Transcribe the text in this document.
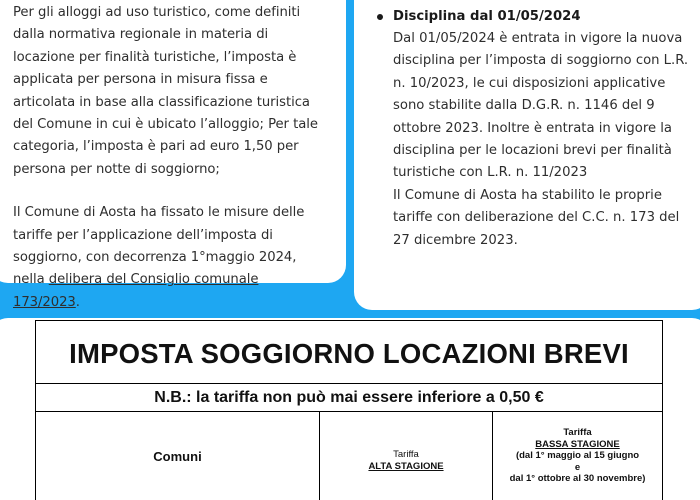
Per gli alloggi ad uso turistico, come definiti dalla normativa regionale in materia di locazione per finalità turistiche, l’imposta è applicata per persona in misura fissa e articolata in base alla classificazione turistica del Comune in cui è ubicato l’alloggio; Per tale categoria, l’imposta è pari ad euro 1,50 per persona per notte di soggiorno;

Il Comune di Aosta ha fissato le misure delle tariffe per l’applicazione dell’imposta di soggiorno, con decorrenza 1°maggio 2024, nella delibera del Consiglio comunale 173/2023.

Disciplina dal 01/05/2024

Dal 01/05/2024 è entrata in vigore la nuova disciplina per l’imposta di soggiorno con L.R. n. 10/2023, le cui disposizioni applicative sono stabilite dalla D.G.R. n. 1146 del 9 ottobre 2023. Inoltre è entrata in vigore la disciplina per le locazioni brevi per finalità turistiche con L.R. n. 11/2023

Il Comune di Aosta ha stabilito le proprie tariffe con deliberazione del C.C. n. 173 del 27 dicembre 2023.

IMPOSTA SOGGIORNO LOCAZIONI BREVI
N.B.: la tariffa non può mai essere inferiore a 0,50 €
Comuni	Tariffa
ALTA STAGIONE
Tariffa
BASSA STAGIONE
(dal 1° maggio al 15 giugno
e
dal 1° ottobre al 30 novembre)
